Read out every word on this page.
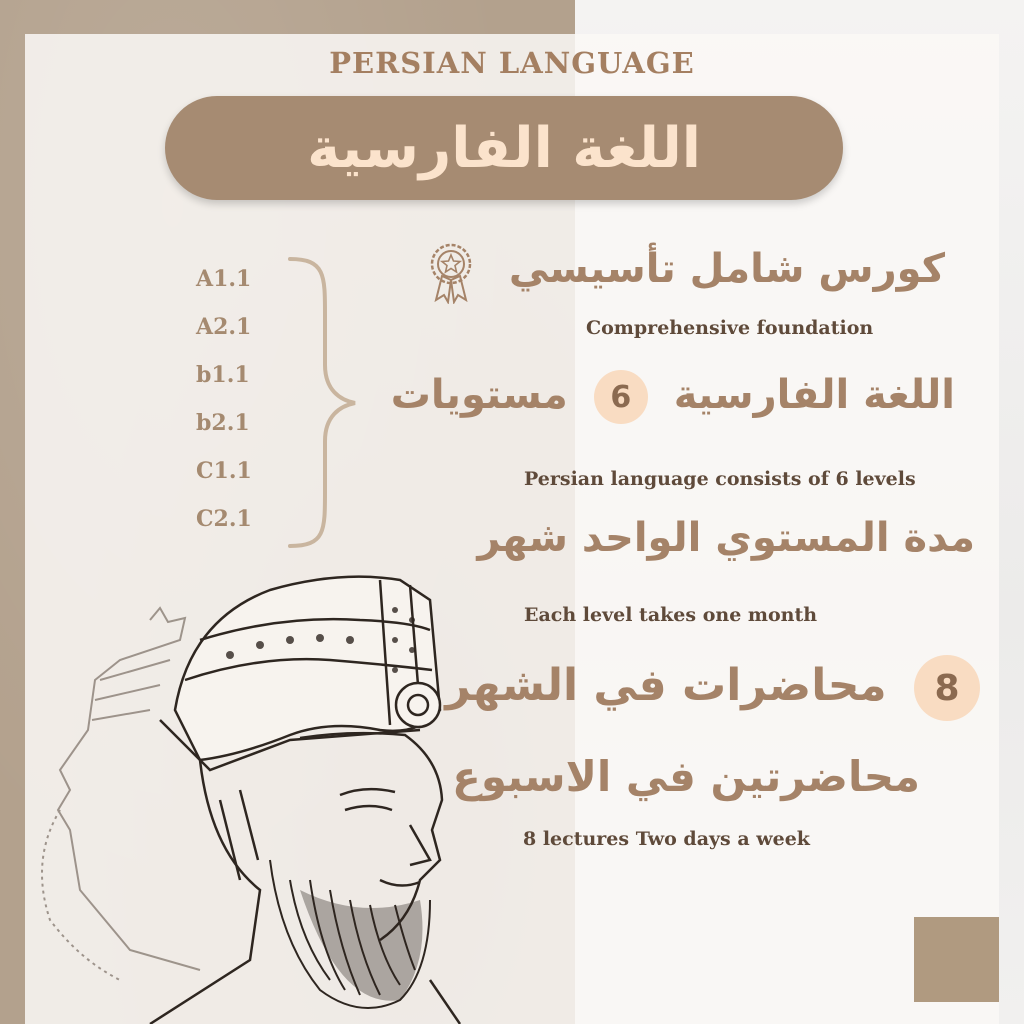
PERSIAN LANGUAGE
اللغة الفارسية
A1.1
A2.1
b1.1
b2.1
C1.1
C2.1
كورس شامل تأسيسي
Comprehensive foundation
اللغة الفارسية
6
مستويات
Persian language consists of 6 levels
مدة المستوي الواحد شهر
Each level takes one month
8
محاضرات في الشهر
محاضرتين في الاسبوع
8 lectures Two days a week
